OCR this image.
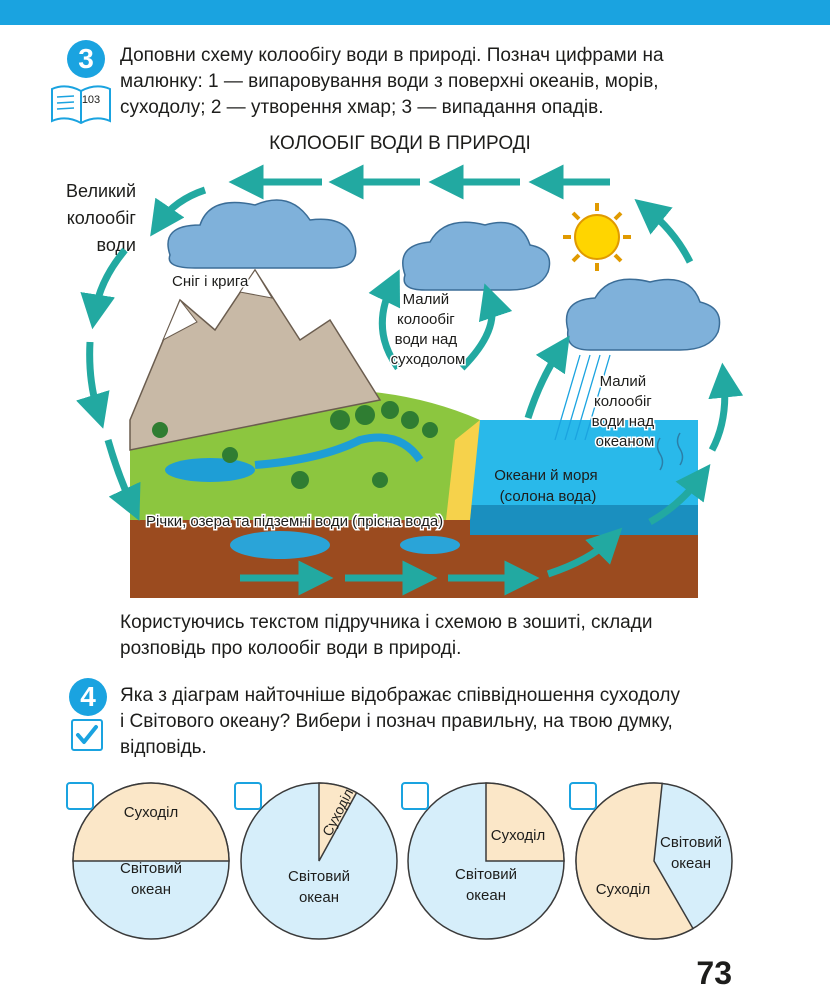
3
103
Доповни схему колообігу води в природі. Познач цифрами на
малюнку: 1 — випаровування води з поверхні океанів, морів,
суходолу; 2 — утворення хмар; 3 — випадання опадів.
КОЛООБІГ ВОДИ В ПРИРОДІ
Великий
колообіг
води
Сніг і крига
Малий колообіг води над суходолом
Малий колообіг води над океаном
Океани й моря (солона вода)
Річки, озера та підземні води (прісна вода)
Користуючись текстом підручника і схемою в зошиті, склади
розповідь про колообіг води в природі.
4	Яка з діаграм найточніше відображає співвідношення суходолу
і Світового океану? Вибери і познач правильну, на твою думку,
відповідь.
Суходіл
Світовий
океан
Суходіл
Світовий
океан
Суходіл
Світовий
океан	Суходіл
Світовий
океан
73
